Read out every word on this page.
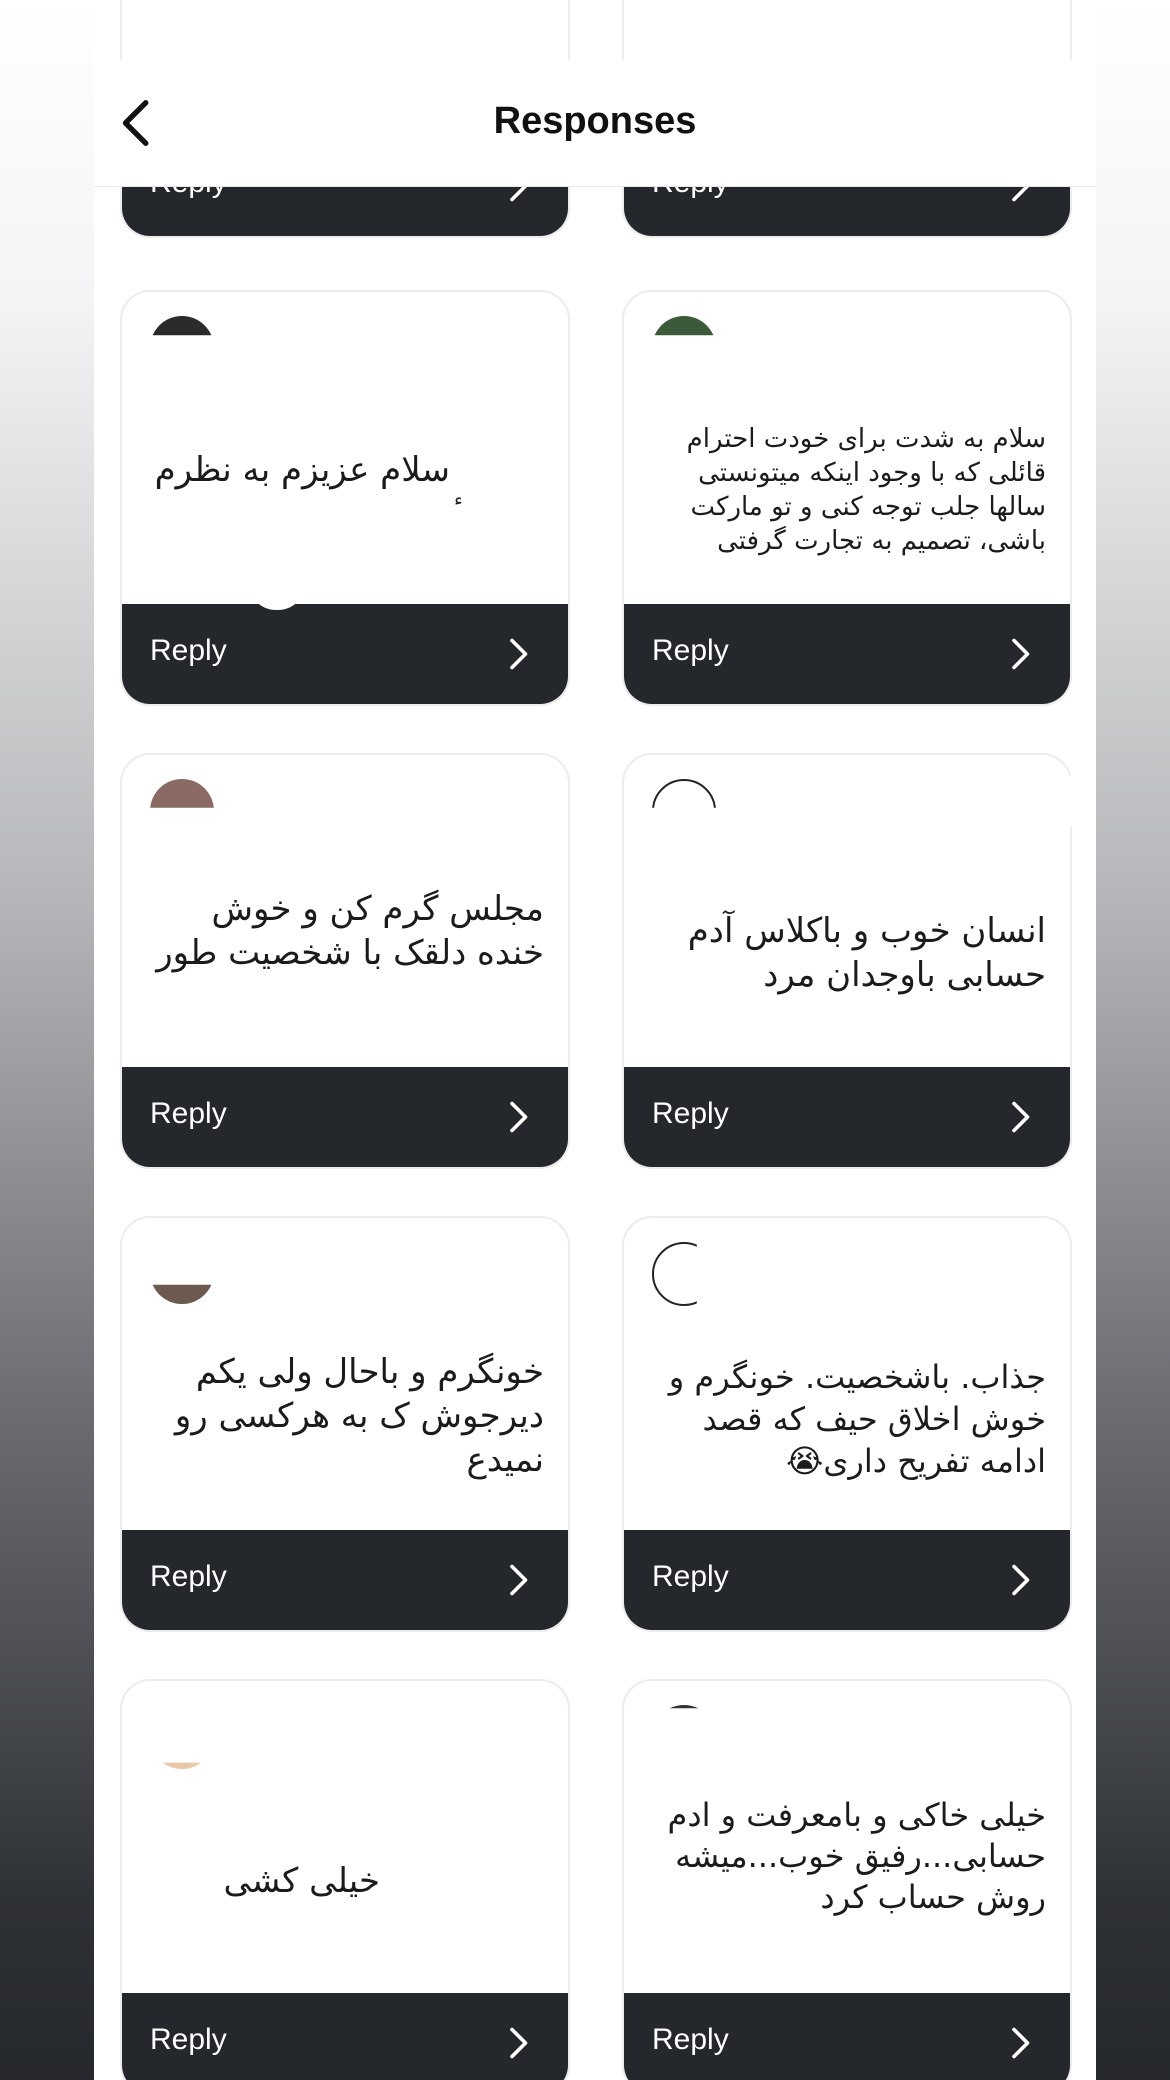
Responses
سلام عزیزم به نظرم
Reply
سلام به شدت برای خودت احترام قائلی که با وجود اینکه میتونستی سالها جلب توجه کنی و تو مارکت باشی، تصمیم به تجارت گرفتی
Reply
مجلس گرم کن و خوش خنده دلقک با شخصیت طور
Reply
انسان خوب و باکلاس آدم حسابی باوجدان مرد
Reply
خونگرم و باحال ولی یکم دیرجوش ک به هرکسی رو نمیدع
Reply
جذاب. باشخصیت. خونگرم و خوش اخلاق حیف که قصد ادامه تفریح داری😭
Reply
خیلی کشی
Reply
خیلی خاکی و بامعرفت و ادم حسابی...رفیق خوب...میشه روش حساب کرد
Reply
